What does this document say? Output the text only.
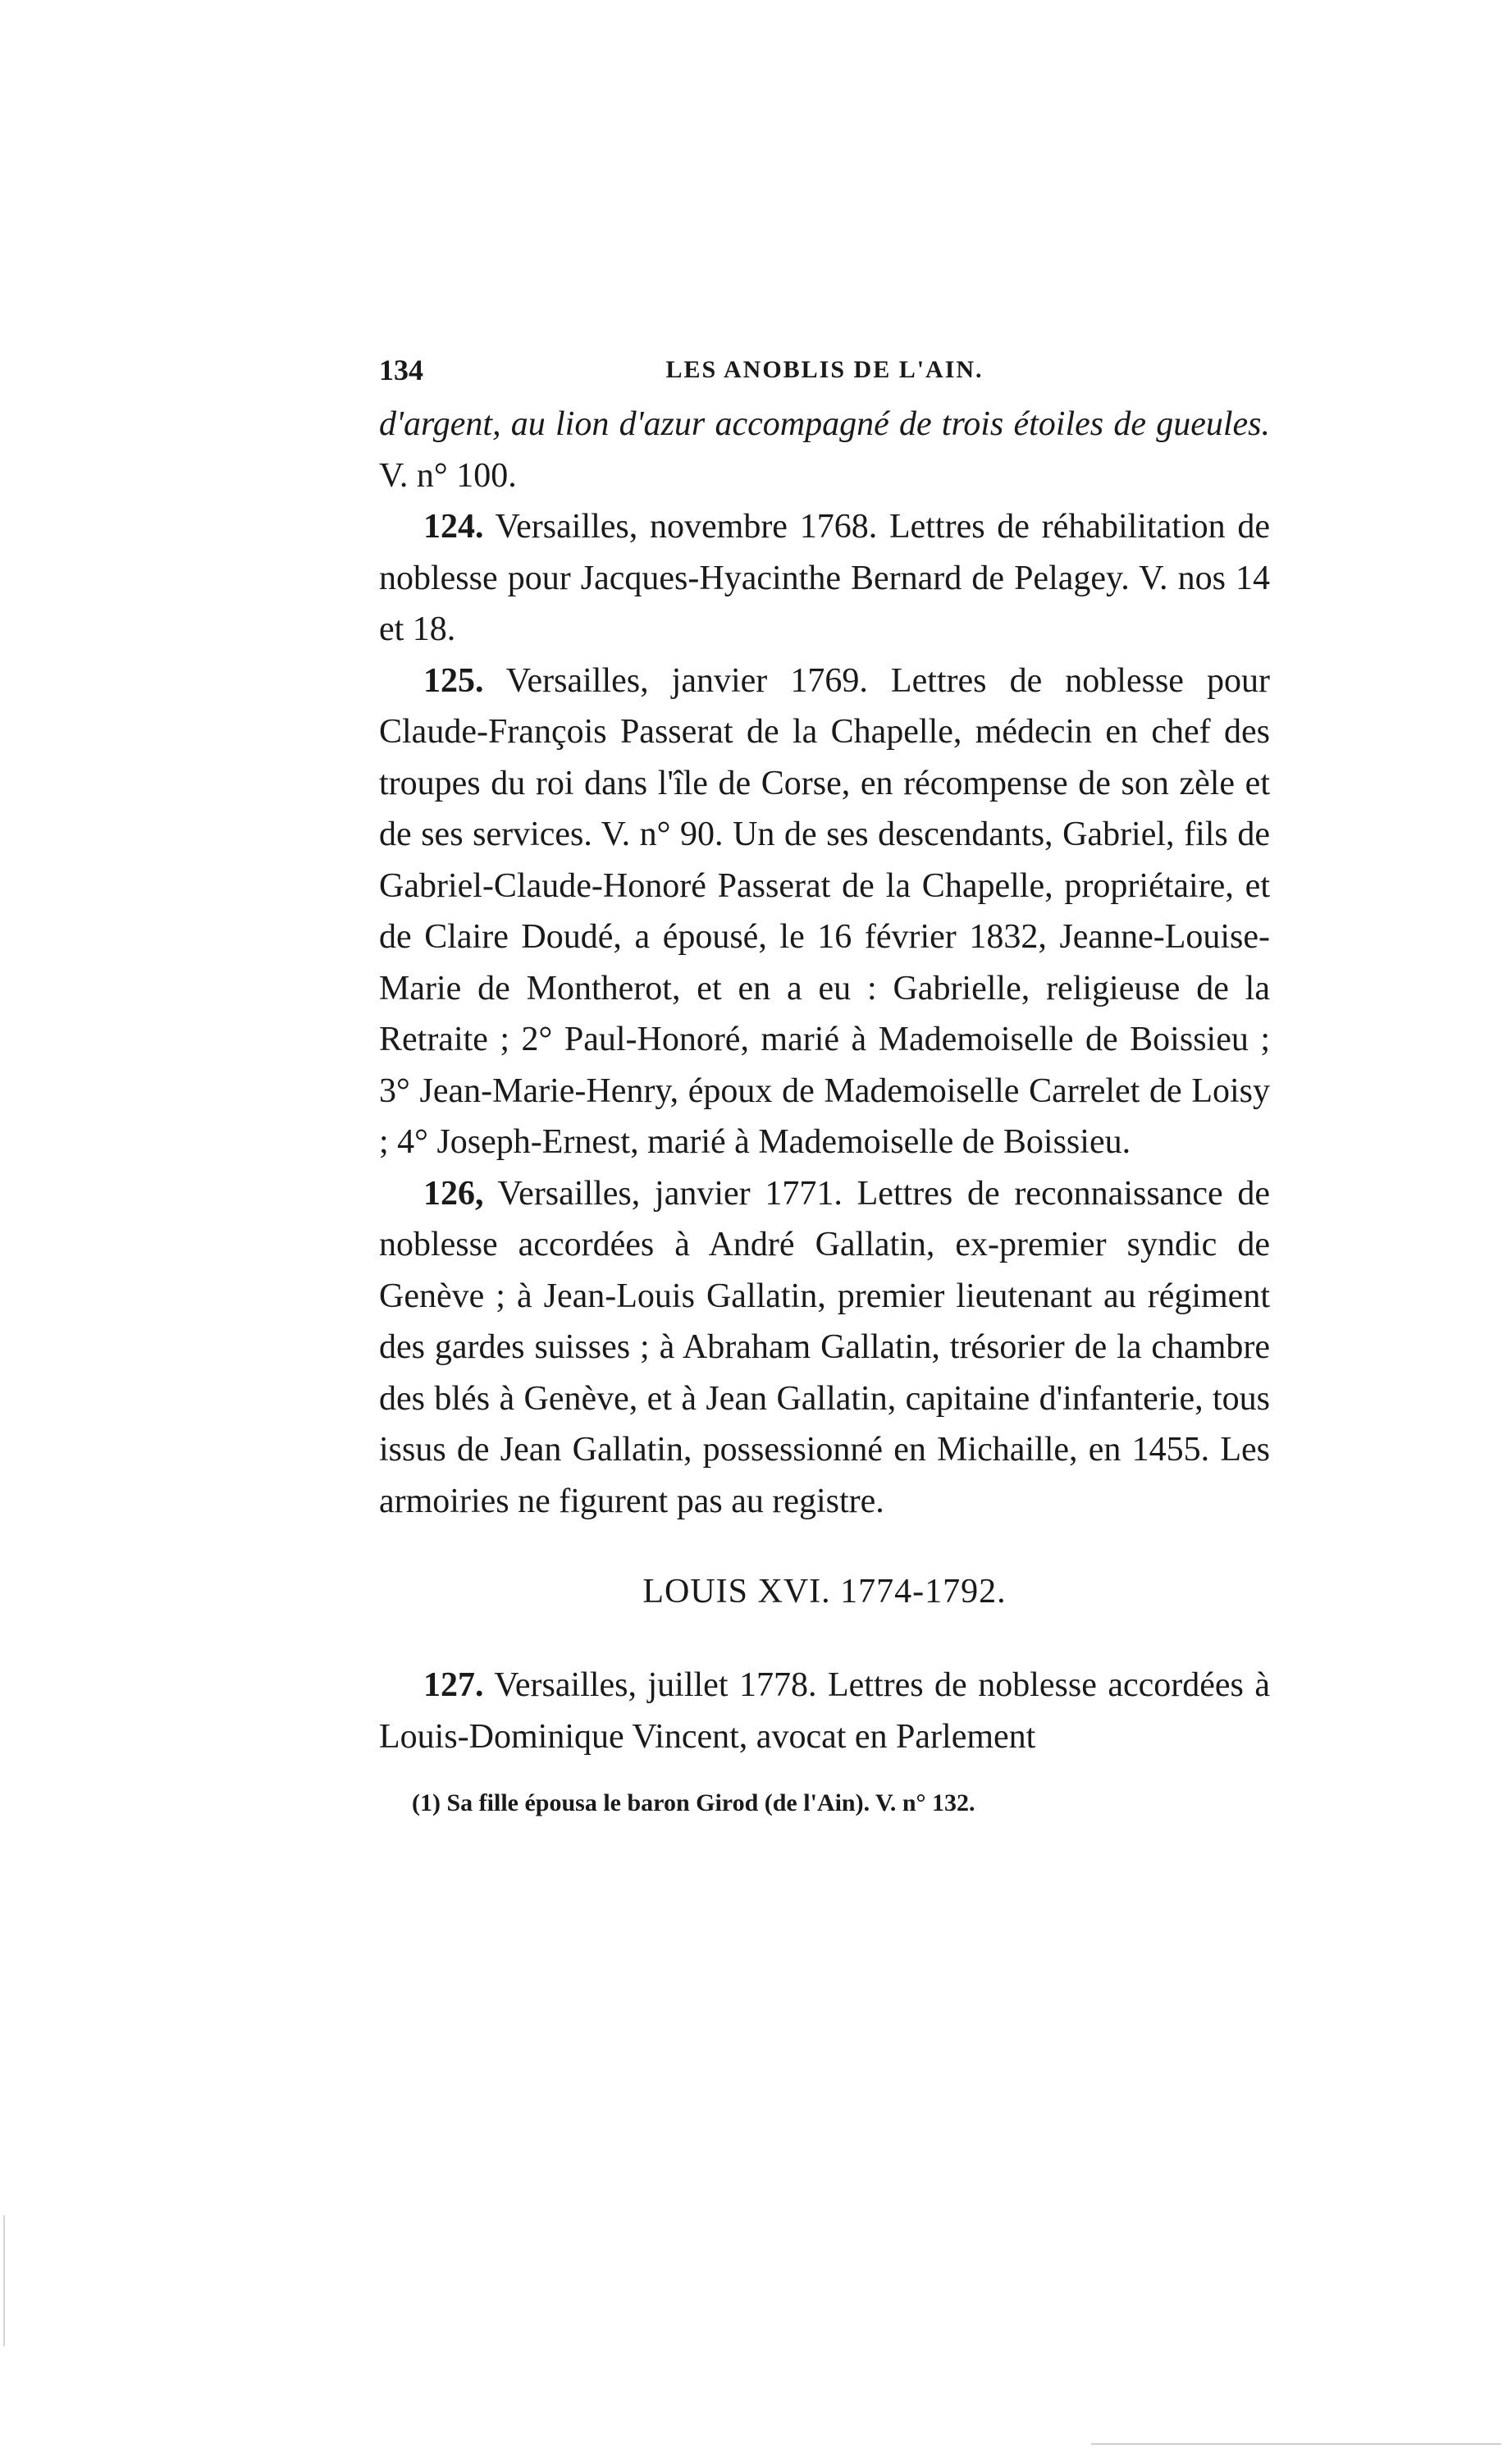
134	LES ANOBLIS DE L'AIN.

d'argent, au lion d'azur accompagné de trois étoiles de gueules. V. n° 100.

124. Versailles, novembre 1768. Lettres de réhabilitation de noblesse pour Jacques-Hyacinthe Bernard de Pelagey. V. nos 14 et 18.

125. Versailles, janvier 1769. Lettres de noblesse pour Claude-François Passerat de la Chapelle, médecin en chef des troupes du roi dans l'île de Corse, en récompense de son zèle et de ses services. V. n° 90. Un de ses descendants, Gabriel, fils de Gabriel-Claude-Honoré Passerat de la Chapelle, propriétaire, et de Claire Doudé, a épousé, le 16 février 1832, Jeanne-Louise-Marie de Montherot, et en a eu : Gabrielle, religieuse de la Retraite ; 2° Paul-Honoré, marié à Mademoiselle de Boissieu ; 3° Jean-Marie-Henry, époux de Mademoiselle Carrelet de Loisy ; 4° Joseph-Ernest, marié à Mademoiselle de Boissieu.

126, Versailles, janvier 1771. Lettres de reconnaissance de noblesse accordées à André Gallatin, ex-premier syndic de Genève ; à Jean-Louis Gallatin, premier lieutenant au régiment des gardes suisses ; à Abraham Gallatin, trésorier de la chambre des blés à Genève, et à Jean Gallatin, capitaine d'infanterie, tous issus de Jean Gallatin, possessionné en Michaille, en 1455. Les armoiries ne figurent pas au registre.

LOUIS XVI. 1774-1792.

127. Versailles, juillet 1778. Lettres de noblesse accordées à Louis-Dominique Vincent, avocat en Parlement

(1) Sa fille épousa le baron Girod (de l'Ain). V. n° 132.
